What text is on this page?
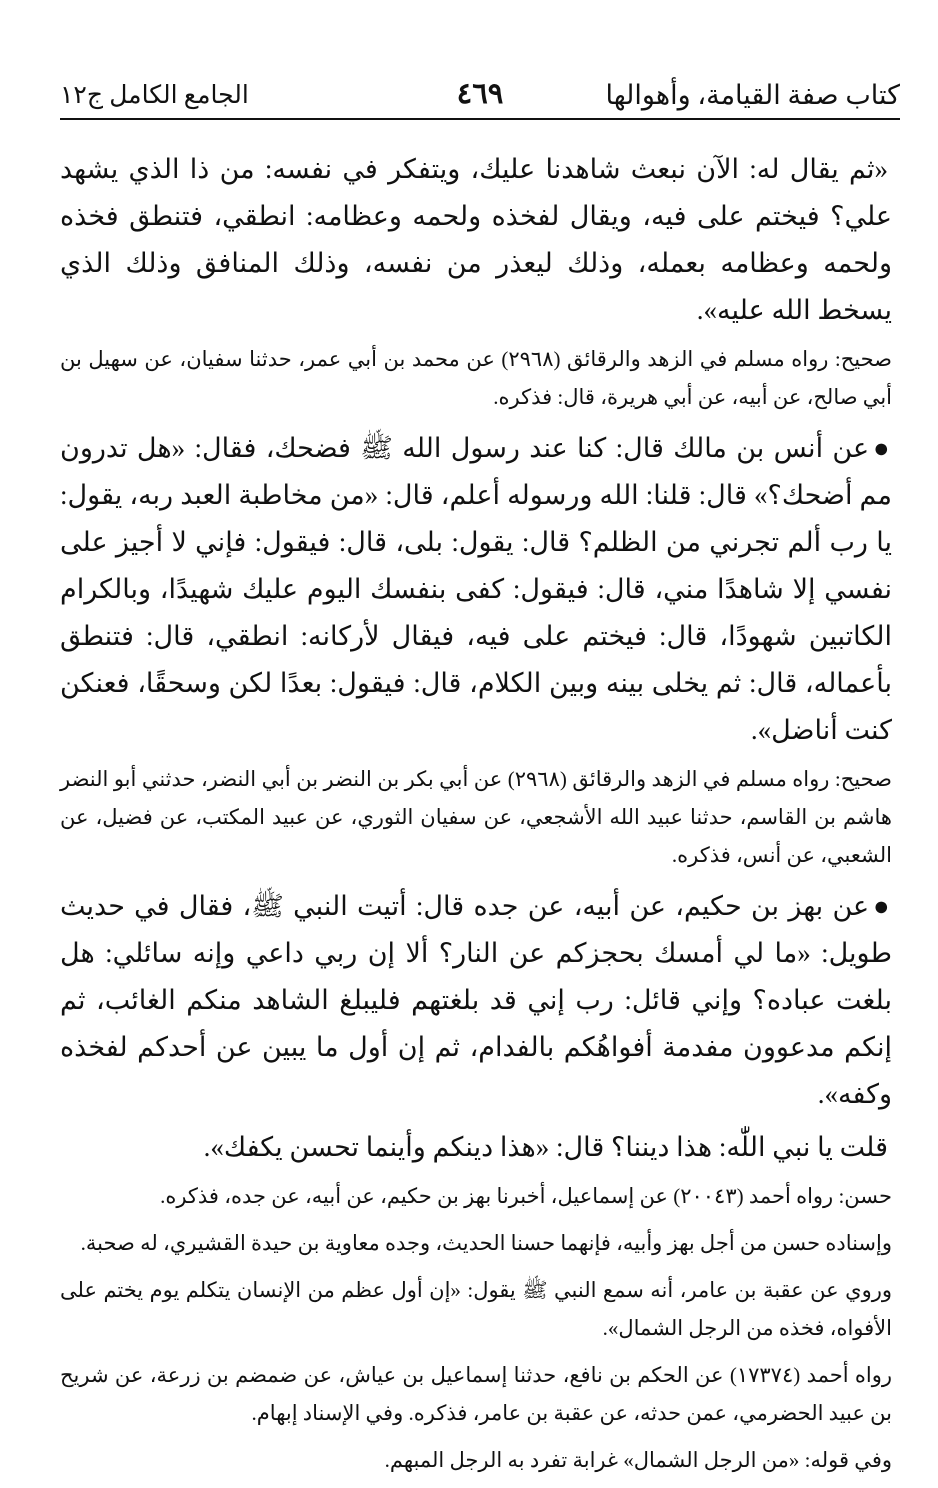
كتاب صفة القيامة، وأهوالها
٤٦٩
الجامع الكامل ج١٢

«ثم يقال له: الآن نبعث شاهدنا عليك، ويتفكر في نفسه: من ذا الذي يشهد علي؟ فيختم على فيه، ويقال لفخذه ولحمه وعظامه: انطقي، فتنطق فخذه ولحمه وعظامه بعمله، وذلك ليعذر من نفسه، وذلك المنافق وذلك الذي يسخط الله عليه».

صحيح: رواه مسلم في الزهد والرقائق (٢٩٦٨) عن محمد بن أبي عمر، حدثنا سفيان، عن سهيل بن أبي صالح، عن أبيه، عن أبي هريرة، قال: فذكره.

●عن أنس بن مالك قال: كنا عند رسول الله ﷺ فضحك، فقال: «هل تدرون مم أضحك؟» قال: قلنا: الله ورسوله أعلم، قال: «من مخاطبة العبد ربه، يقول: يا رب ألم تجرني من الظلم؟ قال: يقول: بلى، قال: فيقول: فإني لا أجيز على نفسي إلا شاهدًا مني، قال: فيقول: كفى بنفسك اليوم عليك شهيدًا، وبالكرام الكاتبين شهودًا، قال: فيختم على فيه، فيقال لأركانه: انطقي، قال: فتنطق بأعماله، قال: ثم يخلى بينه وبين الكلام، قال: فيقول: بعدًا لكن وسحقًا، فعنكن كنت أناضل».

صحيح: رواه مسلم في الزهد والرقائق (٢٩٦٨) عن أبي بكر بن النضر بن أبي النضر، حدثني أبو النضر هاشم بن القاسم، حدثنا عبيد الله الأشجعي، عن سفيان الثوري، عن عبيد المكتب، عن فضيل، عن الشعبي، عن أنس، فذكره.

●عن بهز بن حكيم، عن أبيه، عن جده قال: أتيت النبي ﷺ، فقال في حديث طويل: «ما لي أمسك بحجزكم عن النار؟ ألا إن ربي داعي وإنه سائلي: هل بلغت عباده؟ وإني قائل: رب إني قد بلغتهم فليبلغ الشاهد منكم الغائب، ثم إنكم مدعوون مفدمة أفواهُكم بالفدام، ثم إن أول ما يبين عن أحدكم لفخذه وكفه».

قلت يا نبي اللّٰه: هذا ديننا؟ قال: «هذا دينكم وأينما تحسن يكفك».

حسن: رواه أحمد (٢٠٠٤٣) عن إسماعيل، أخبرنا بهز بن حكيم، عن أبيه، عن جده، فذكره.

وإسناده حسن من أجل بهز وأبيه، فإنهما حسنا الحديث، وجده معاوية بن حيدة القشيري، له صحبة.

وروي عن عقبة بن عامر، أنه سمع النبي ﷺ يقول: «إن أول عظم من الإنسان يتكلم يوم يختم على الأفواه، فخذه من الرجل الشمال».

رواه أحمد (١٧٣٧٤) عن الحكم بن نافع، حدثنا إسماعيل بن عياش، عن ضمضم بن زرعة، عن شريح بن عبيد الحضرمي، عمن حدثه، عن عقبة بن عامر، فذكره. وفي الإسناد إبهام.

وفي قوله: «من الرجل الشمال» غرابة تفرد به الرجل المبهم.
